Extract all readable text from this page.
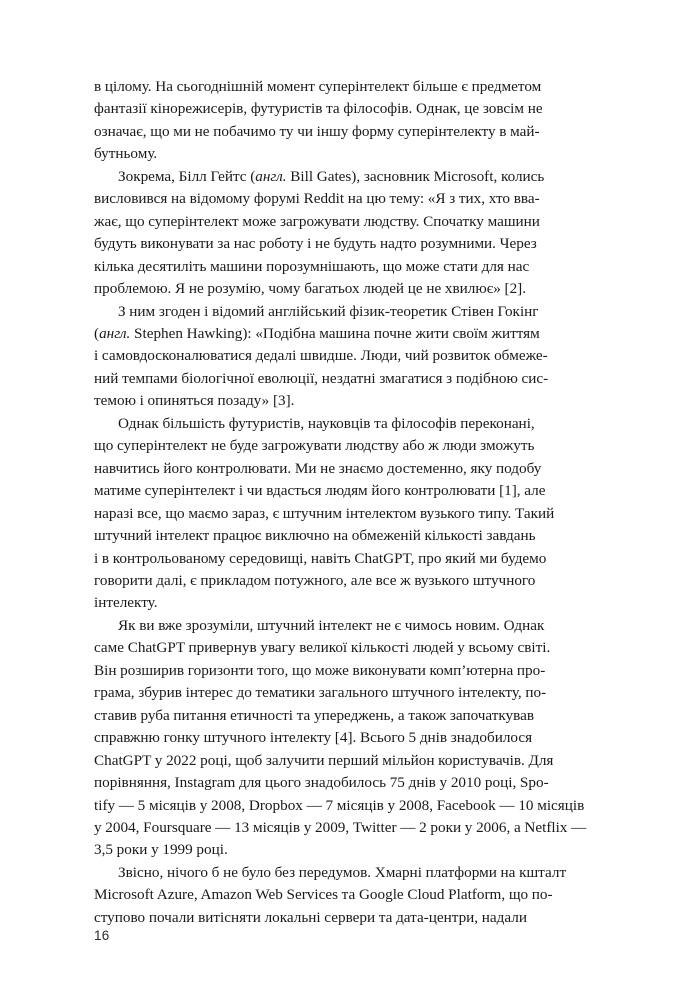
в цілому. На сьогоднішній момент суперінтелект більше є предметом
фантазії кінорежисерів, футуристів та філософів. Однак, це зовсім не
означає, що ми не побачимо ту чи іншу форму суперінтелекту в май-
бутньому.

Зокрема, Білл Гейтс (англ. Bill Gates), засновник Microsoft, колись
висловився на відомому форумі Reddit на цю тему: «Я з тих, хто вва-
жає, що суперінтелект може загрожувати людству. Спочатку машини
будуть виконувати за нас роботу і не будуть надто розумними. Через
кілька десятиліть машини порозумнішають, що може стати для нас
проблемою. Я не розумію, чому багатьох людей це не хвилює» [2].

З ним згоден і відомий англійський фізик-теоретик Стівен Гокінг
(англ. Stephen Hawking): «Подібна машина почне жити своїм життям
і самовдосконалюватися дедалі швидше. Люди, чий розвиток обмеже-
ний темпами біологічної еволюції, нездатні змагатися з подібною сис-
темою і опиняться позаду» [3].

Однак більшість футуристів, науковців та філософів переконані,
що суперінтелект не буде загрожувати людству або ж люди зможуть
навчитись його контролювати. Ми не знаємо достеменно, яку подобу
матиме суперінтелект і чи вдасться людям його контролювати [1], але
наразі все, що маємо зараз, є штучним інтелектом вузького типу. Такий
штучний інтелект працює виключно на обмеженій кількості завдань
і в контрольованому середовищі, навіть ChatGPT, про який ми будемо
говорити далі, є прикладом потужного, але все ж вузького штучного
інтелекту.

Як ви вже зрозуміли, штучний інтелект не є чимось новим. Однак
саме ChatGPT привернув увагу великої кількості людей у всьому світі.
Він розширив горизонти того, що може виконувати комп’ютерна про-
грама, збурив інтерес до тематики загального штучного інтелекту, по-
ставив руба питання етичності та упереджень, а також започаткував
справжню гонку штучного інтелекту [4]. Всього 5 днів знадобилося
ChatGPT у 2022 році, щоб залучити перший мільйон користувачів. Для
порівняння, Instagram для цього знадобилось 75 днів у 2010 році, Spo-
tify — 5 місяців у 2008, Dropbox — 7 місяців у 2008, Facebook — 10 місяців
у 2004, Foursquare — 13 місяців у 2009, Twitter — 2 роки у 2006, a Netflix —
3,5 роки у 1999 році.

Звісно, нічого б не було без передумов. Хмарні платформи на кшталт
Microsoft Azure, Amazon Web Services та Google Cloud Platform, що по-
ступово почали витісняти локальні сервери та дата-центри, надали

16
